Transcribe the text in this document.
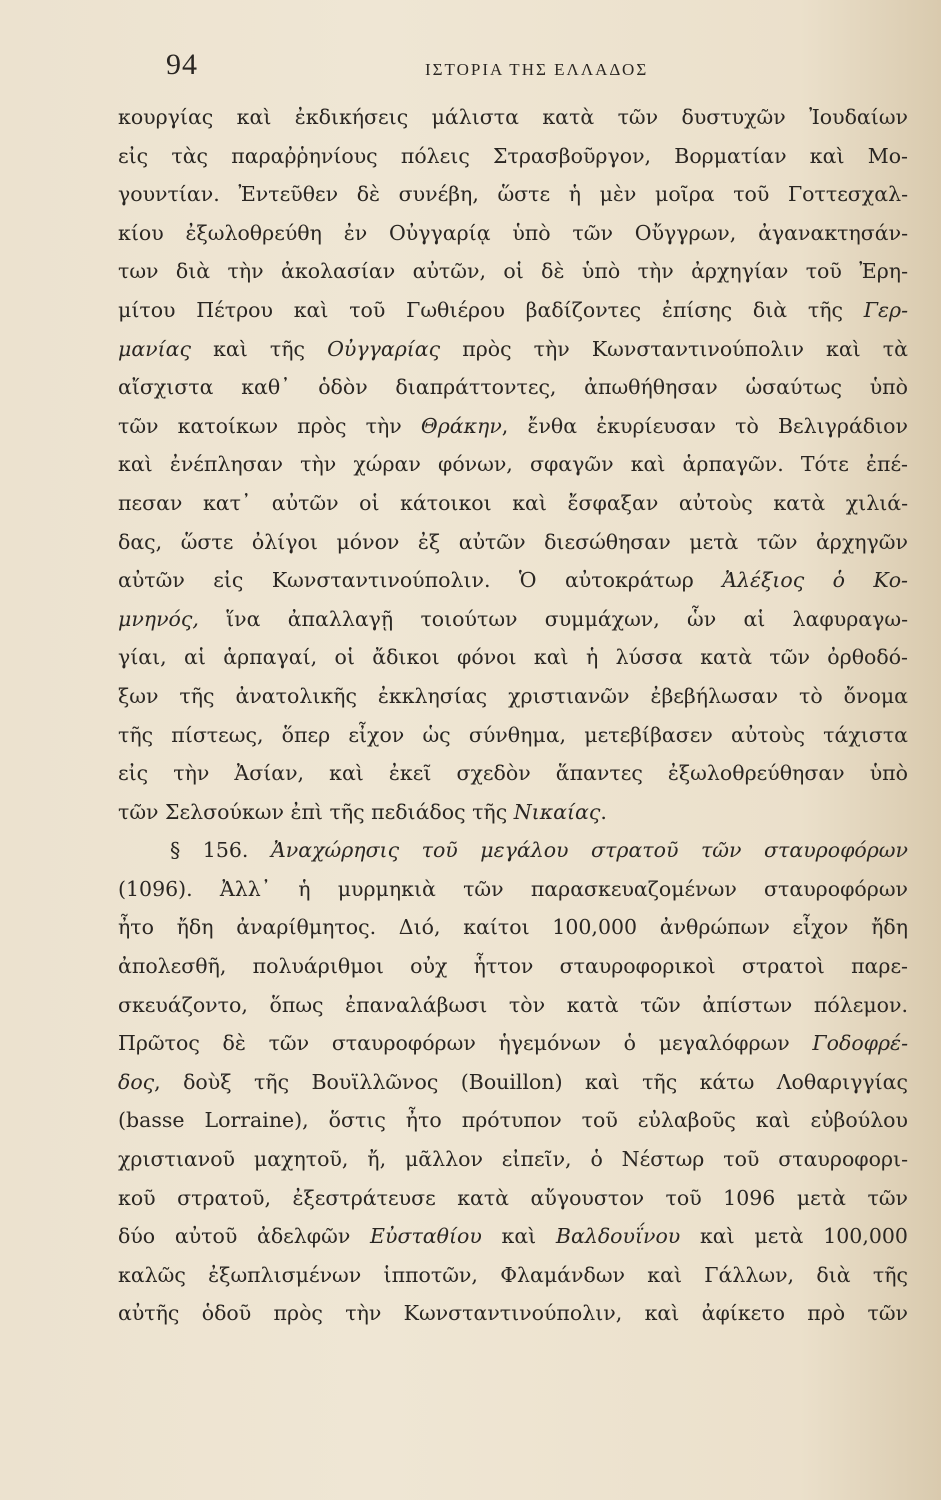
94	ΙΣΤΟΡΙΑ ΤΗΣ ΕΛΛΑΔΟΣ
κουργίας καὶ ἐκδικήσεις μάλιστα κατὰ τῶν δυστυχῶν Ἰουδαίων
εἰς τὰς παραῤῥηνίους πόλεις Στρασβοῦργον, Βορματίαν καὶ Μο-
γουντίαν. Ἐντεῦθεν δὲ συνέβη, ὥστε ἡ μὲν μοῖρα τοῦ Γοττεσχαλ-
κίου ἐξωλοθρεύθη ἐν Οὐγγαρίᾳ ὑπὸ τῶν Οὔγγρων, ἀγανακτησάν-
των διὰ τὴν ἀκολασίαν αὐτῶν, οἱ δὲ ὑπὸ τὴν ἀρχηγίαν τοῦ Ἐρη-
μίτου Πέτρου καὶ τοῦ Γωθιέρου βαδίζοντες ἐπίσης διὰ τῆς Γερ-
μανίας καὶ τῆς Οὐγγαρίας πρὸς τὴν Κωνσταντινούπολιν καὶ τὰ
αἴσχιστα καθ᾽ ὁδὸν διαπράττοντες, ἀπωθήθησαν ὡσαύτως ὑπὸ
τῶν κατοίκων πρὸς τὴν Θράκην, ἔνθα ἐκυρίευσαν τὸ Βελιγράδιον
καὶ ἐνέπλησαν τὴν χώραν φόνων, σφαγῶν καὶ ἁρπαγῶν. Τότε ἐπέ-
πεσαν κατ᾽ αὐτῶν οἱ κάτοικοι καὶ ἔσφαξαν αὐτοὺς κατὰ χιλιά-
δας, ὥστε ὀλίγοι μόνον ἐξ αὐτῶν διεσώθησαν μετὰ τῶν ἀρχηγῶν
αὐτῶν εἰς Κωνσταντινούπολιν. Ὁ αὐτοκράτωρ Ἀλέξιος ὁ Κο-
μνηνός, ἵνα ἀπαλλαγῇ τοιούτων συμμάχων, ὧν αἱ λαφυραγω-
γίαι, αἱ ἁρπαγαί, οἱ ἄδικοι φόνοι καὶ ἡ λύσσα κατὰ τῶν ὀρθοδό-
ξων τῆς ἀνατολικῆς ἐκκλησίας χριστιανῶν ἐβεβήλωσαν τὸ ὄνομα
τῆς πίστεως, ὅπερ εἶχον ὡς σύνθημα, μετεβίβασεν αὐτοὺς τάχιστα
εἰς τὴν Ἀσίαν, καὶ ἐκεῖ σχεδὸν ἅπαντες ἐξωλοθρεύθησαν ὑπὸ
τῶν Σελσούκων ἐπὶ τῆς πεδιάδος τῆς Νικαίας.
§ 156. Ἀναχώρησις τοῦ μεγάλου στρατοῦ τῶν σταυροφόρων
(1096). Ἀλλ᾽ ἡ μυρμηκιὰ τῶν παρασκευαζομένων σταυροφόρων
ἦτο ἤδη ἀναρίθμητος. Διό, καίτοι 100,000 ἀνθρώπων εἶχον ἤδη
ἀπολεσθῆ, πολυάριθμοι οὐχ ἧττον σταυροφορικοὶ στρατοὶ παρε-
σκευάζοντο, ὅπως ἐπαναλάβωσι τὸν κατὰ τῶν ἀπίστων πόλεμον.
Πρῶτος δὲ τῶν σταυροφόρων ἡγεμόνων ὁ μεγαλόφρων Γοδοφρέ-
δος, δοὺξ τῆς Βουϊλλῶνος (Bouillon) καὶ τῆς κάτω Λοθαριγγίας
(basse Lorraine), ὅστις ἦτο πρότυπον τοῦ εὐλαβοῦς καὶ εὐβούλου
χριστιανοῦ μαχητοῦ, ἤ, μᾶλλον εἰπεῖν, ὁ Νέστωρ τοῦ σταυροφορι-
κοῦ στρατοῦ, ἐξεστράτευσε κατὰ αὔγουστον τοῦ 1096 μετὰ τῶν
δύο αὐτοῦ ἀδελφῶν Εὐσταθίου καὶ Βαλδουΐνου καὶ μετὰ 100,000
καλῶς ἐξωπλισμένων ἱπποτῶν, Φλαμάνδων καὶ Γάλλων, διὰ τῆς
αὐτῆς ὁδοῦ πρὸς τὴν Κωνσταντινούπολιν, καὶ ἀφίκετο πρὸ τῶν
